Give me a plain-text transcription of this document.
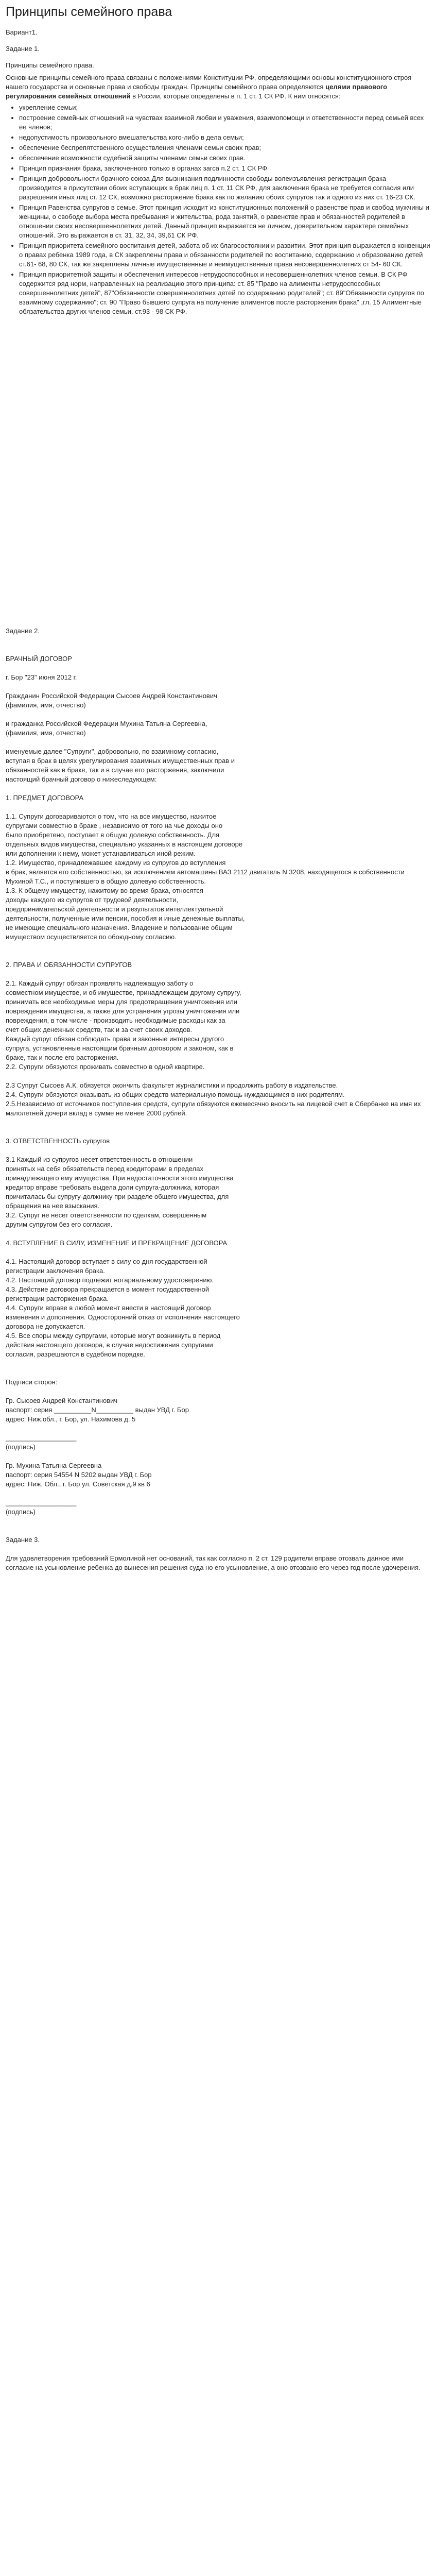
Принципы семейного права

Вариант1.

Задание 1.

Принципы семейного права.

Основные принципы семейного права связаны с положениями Конституции РФ, определяющими основы конституционного строя нашего государства и основные права и свободы граждан. Принципы семейного права определяются целями правового регулирования семейных отношений в России, которые определены в п. 1 ст. 1 СК РФ. К ним относятся:

• укрепление семьи;
• построение семейных отношений на чувствах взаимной любви и уважения, взаимопомощи и ответственности перед семьей всех ее членов;
• недопустимость произвольного вмешательства кого-либо в дела семьи;
• обеспечение беспрепятственного осуществления членами семьи своих прав;
• обеспечение возможности судебной защиты членами семьи своих прав.
• Принцип признания брака, заключенного только в органах загса п.2 ст. 1 СК РФ
• Принцип добровольности брачного союза Для вызникания подлинности свободы волеизъявления регистрация брака производится в присутствии обоих вступающих в брак лиц п. 1 ст. 11 СК РФ, для заключения брака не требуется согласия или разрешения иных лиц ст. 12 СК, возможно расторжение брака как по желанию обоих супругов так и одного из них ст. 16-23 СК.
• Принцип Равенства супругов в семье. Этот принцип исходит из конституционных положений о равенстве прав и свобод мужчины и женщины, о свободе выбора места пребывания и жительства, рода занятий, о равенстве прав и обязанностей родителей в отношении своих несовершеннолетних детей. Данный принцип выражается не личном, доверительном характере семейных отношений. Это выражается в ст. 31, 32, 34, 39,61 СК РФ.
• Принцип приоритета семейного воспитания детей, забота об их благосостоянии и развитии. Этот принцип выражается в конвенции о правах ребенка 1989 года, в СК закреплены права и обязанности родителей по воспитанию, содержанию и образованию детей ст.61- 68, 80 СК, так же закреплены личные имущественные и неимущественные права несовершеннолетних ст 54- 60 СК.
• Принцип приоритетной защиты и обеспечения интересов нетрудоспособных и несовершеннолетних членов семьи. В СК РФ содержится ряд норм, направленных на реализацию этого принципа: ст. 85 "Право на алименты нетрудоспособных совершеннолетних детей", 87"Обязанности совершеннолетних детей по содержанию родителей"; ст. 89"Обязанности супругов по взаимному содержанию"; ст. 90 "Право бывшего супруга на получение алиментов после расторжения брака" ,гл. 15 Алиментные обязательства других членов семьи. ст.93 - 98 СК РФ.

Задание 2.

БРАЧНЫЙ ДОГОВОР

г. Бор "23" июня 2012 г.

Гражданин Российской Федерации Сысоев Андрей Константинович

(фамилия, имя, отчество)

и гражданка Российской Федерации Мухина Татьяна Сергеевна,

(фамилия, имя, отчество)

именуемые далее "Супруги", добровольно, по взаимному согласию,

вступая в брак в целях урегулирования взаимных имущественных прав и

обязанностей как в браке, так и в случае его расторжения, заключили

настоящий брачный договор о нижеследующем:

1. ПРЕДМЕТ ДОГОВОРА

1.1. Супруги договариваются о том, что на все имущество, нажитое

супругами совместно в браке , независимо от того на чье доходы оно

было приобретено, поступает в общую долевую собственность. Для

отдельных видов имущества, специально указанных в настоящем договоре

или дополнении к нему, может устанавливаться иной режим.

1.2. Имущество, принадлежавшее каждому из супругов до вступления

в брак, является его собственностью, за исключением автомашины ВАЗ 2112 двигатель N 3208, находящегося в собственности Мухиной Т.С., и поступившего в общую долевую собственность.

1.3. К общему имуществу, нажитому во время брака, относятся

доходы каждого из супругов от трудовой деятельности,

предпринимательской деятельности и результатов интеллектуальной

деятельности, полученные ими пенсии, пособия и иные денежные выплаты,

не имеющие специального назначения. Владение и пользование общим

имуществом осуществляется по обоюдному согласию.

2. ПРАВА И ОБЯЗАННОСТИ СУПРУГОВ

2.1. Каждый супруг обязан проявлять надлежащую заботу о

совместном имуществе, и об имуществе, принадлежащем другому супругу,

принимать все необходимые меры для предотвращения уничтожения или

повреждения имущества, а также для устранения угрозы уничтожения или

повреждения, в том числе - производить необходимые расходы как за

счет общих денежных средств, так и за счет своих доходов.

Каждый супруг обязан соблюдать права и законные интересы другого

супруга, установленные настоящим брачным договором и законом, как в

браке, так и после его расторжения.

2.2. Супруги обязуются проживать совместно в одной квартире.

2.3 Супруг Сысоев А.К. обязуется окончить факультет журналистики и продолжить работу в издательстве.

2.4. Супруги обязуются оказывать из общих средств материальную помощь нуждающимся в них родителям.

2.5.Независимо от источников поступления средств, супруги обязуются ежемесячно вносить на лицевой счет в Сбербанке на имя их малолетней дочери вклад в сумме не менее 2000 рублей.

3. ОТВЕТСТВЕННОСТЬ супругов

3.1 Каждый из супругов несет ответственность в отношении

принятых на себя обязательств перед кредиторами в пределах

принадлежащего ему имущества. При недостаточности этого имущества

кредитор вправе требовать выдела доли супруга-должника, которая

причиталась бы супругу-должнику при разделе общего имущества, для

обращения на нее взыскания.

3.2. Супруг не несет ответственности по сделкам, совершенным

другим супругом без его согласия.

4. ВСТУПЛЕНИЕ В СИЛУ, ИЗМЕНЕНИЕ И ПРЕКРАЩЕНИЕ ДОГОВОРА

4.1. Настоящий договор вступает в силу со дня государственной

регистрации заключения брака.

4.2. Настоящий договор подлежит нотариальному удостоверению.

4.3. Действие договора прекращается в момент государственной

регистрации расторжения брака.

4.4. Супруги вправе в любой момент внести в настоящий договор

изменения и дополнения. Односторонний отказ от исполнения настоящего

договора не допускается.

4.5. Все споры между супругами, которые могут возникнуть в период

действия настоящего договора, в случае недостижения супругами

согласия, разрешаются в судебном порядке.

Подписи сторон:

Гр. Сысоев Андрей Константинович

паспорт: серия __________N__________ выдан УВД г. Бор

адрес: Ниж.обл., г. Бор, ул. Нахимова д. 5

___________________

(подпись)

Гр. Мухина Татьяна Сергеевна

паспорт: серия 54554 N 5202 выдан УВД г. Бор

адрес: Ниж. Обл., г. Бор ул. Советская д.9 кв 6

___________________

(подпись)

Задание 3.

Для удовлетворения требований Ермолиной нет оснований, так как согласно п. 2 ст. 129 родители вправе отозвать данное ими согласие на усыновление ребенка до вынесения решения суда но его усыновление, а оно отозвано его через год после удочерения.
